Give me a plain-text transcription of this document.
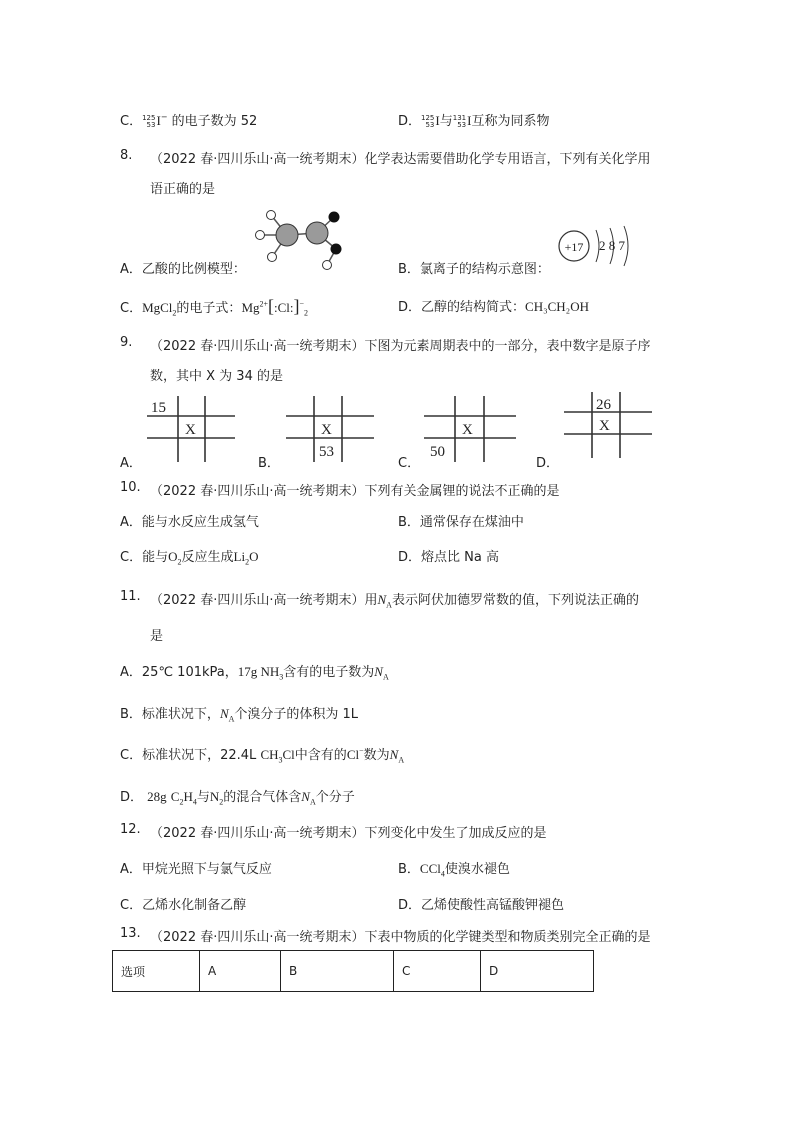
C．125
53I− 的电子数为 52	D．125
53I与131
53I互称为同系物
8. （2022 春·四川乐山·高一统考期末）化学表达需要借助化学专用语言，下列有关化学用
语正确的是
A．乙酸的比例模型：	B．氯离子的结构示意图：
+17 2 8 7
C．MgCl$_2$的电子式：$Mg^{2+}[:Cl:]^-_2$	D．乙醇的结构简式：CH₃CH₂OH
9. （2022 春·四川乐山·高一统考期末）下图为元素周期表中的一部分，表中数字是原子序
数，其中 X 为 34 的是
A．
15
X
B．
X
53
C．
X
50
D．
26
X
10. （2022 春·四川乐山·高一统考期末）下列有关金属锂的说法不正确的是
A．能与水反应生成氢气	B．通常保存在煤油中
C．能与$O_2$反应生成$Li_2O$	D．熔点比 Na 高
11. （2022 春·四川乐山·高一统考期末）用$N_A$表示阿伏加德罗常数的值，下列说法正确的
是
A．25℃ 101kPa，17g $NH_3$含有的电子数为$N_A$
B．标准状况下，$N_A$个溴分子的体积为 1L
C．标准状况下，22.4L $CH_3Cl$中含有的Cl−数为$N_A$
D． 28g $C_2H_4$与$N_2$的混合气体含$N_A$个分子
12. （2022 春·四川乐山·高一统考期末）下列变化中发生了加成反应的是
A．甲烷光照下与氯气反应	B．CCl$_4$使溴水褪色
C．乙烯水化制备乙醇	D．乙烯使酸性高锰酸钾褪色
13. （2022 春·四川乐山·高一统考期末）下表中物质的化学键类型和物质类别完全正确的是
选项	A	B	C	D
